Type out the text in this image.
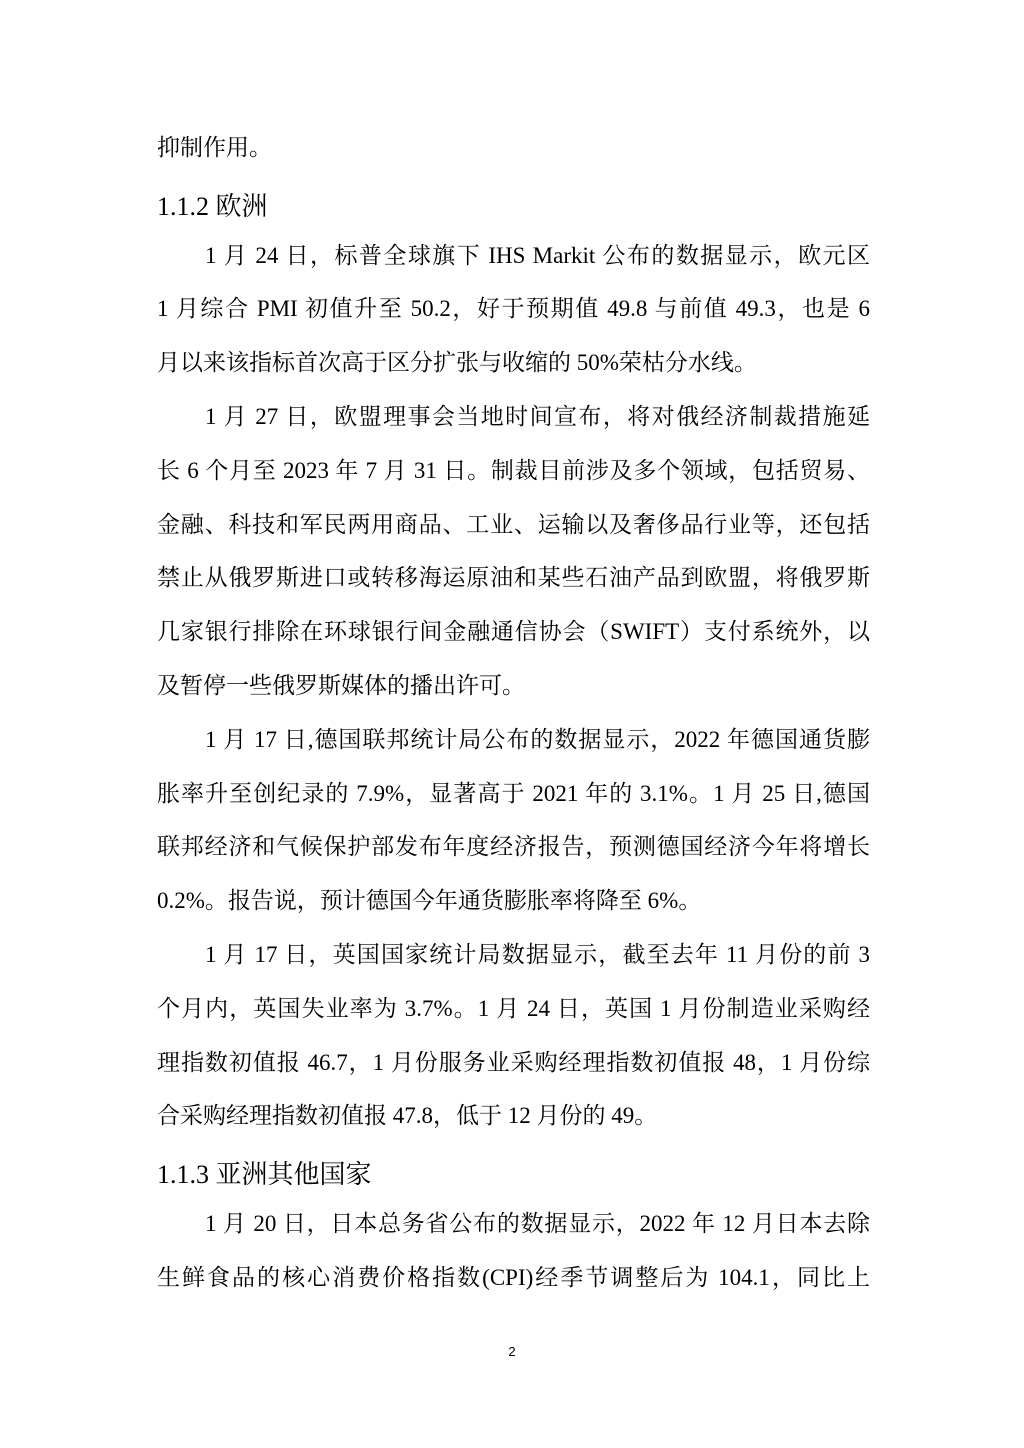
抑制作用。
1.1.2 欧洲
1 月 24 日，标普全球旗下 IHS Markit 公布的数据显示，欧元区
1 月综合 PMI 初值升至 50.2，好于预期值 49.8 与前值 49.3，也是 6
月以来该指标首次高于区分扩张与收缩的 50%荣枯分水线。
1 月 27 日，欧盟理事会当地时间宣布，将对俄经济制裁措施延
长 6 个月至 2023 年 7 月 31 日。制裁目前涉及多个领域，包括贸易、
金融、科技和军民两用商品、工业、运输以及奢侈品行业等，还包括
禁止从俄罗斯进口或转移海运原油和某些石油产品到欧盟，将俄罗斯
几家银行排除在环球银行间金融通信协会（SWIFT）支付系统外，以
及暂停一些俄罗斯媒体的播出许可。
1 月 17 日,德国联邦统计局公布的数据显示，2022 年德国通货膨
胀率升至创纪录的 7.9%，显著高于 2021 年的 3.1%。1 月 25 日,德国
联邦经济和气候保护部发布年度经济报告，预测德国经济今年将增长
0.2%。报告说，预计德国今年通货膨胀率将降至 6%。
1 月 17 日，英国国家统计局数据显示，截至去年 11 月份的前 3
个月内，英国失业率为 3.7%。1 月 24 日，英国 1 月份制造业采购经
理指数初值报 46.7，1 月份服务业采购经理指数初值报 48，1 月份综
合采购经理指数初值报 47.8，低于 12 月份的 49。
1.1.3 亚洲其他国家
1 月 20 日，日本总务省公布的数据显示，2022 年 12 月日本去除
生鲜食品的核心消费价格指数(CPI)经季节调整后为 104.1，同比上
2
